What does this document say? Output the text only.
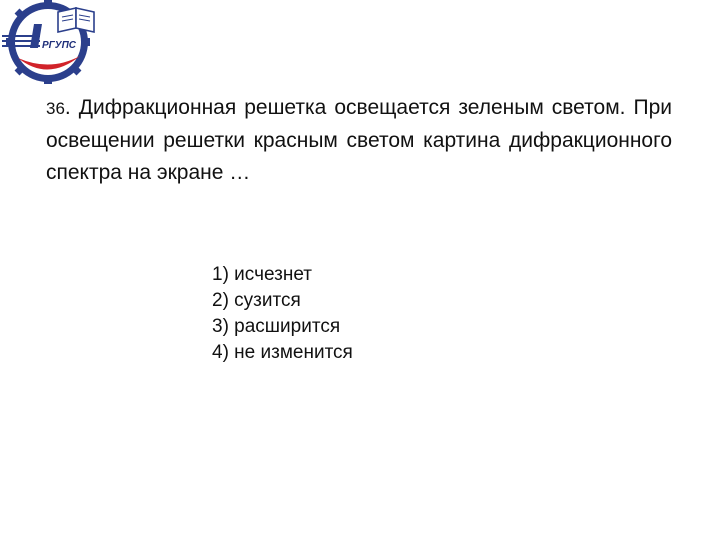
РГУПС

36. Дифракционная решетка освещается зеленым светом. При освещении решетки красным светом картина дифракционного спектра на экране …

1) исчезнет
2) сузится
3) расширится
4) не изменится
